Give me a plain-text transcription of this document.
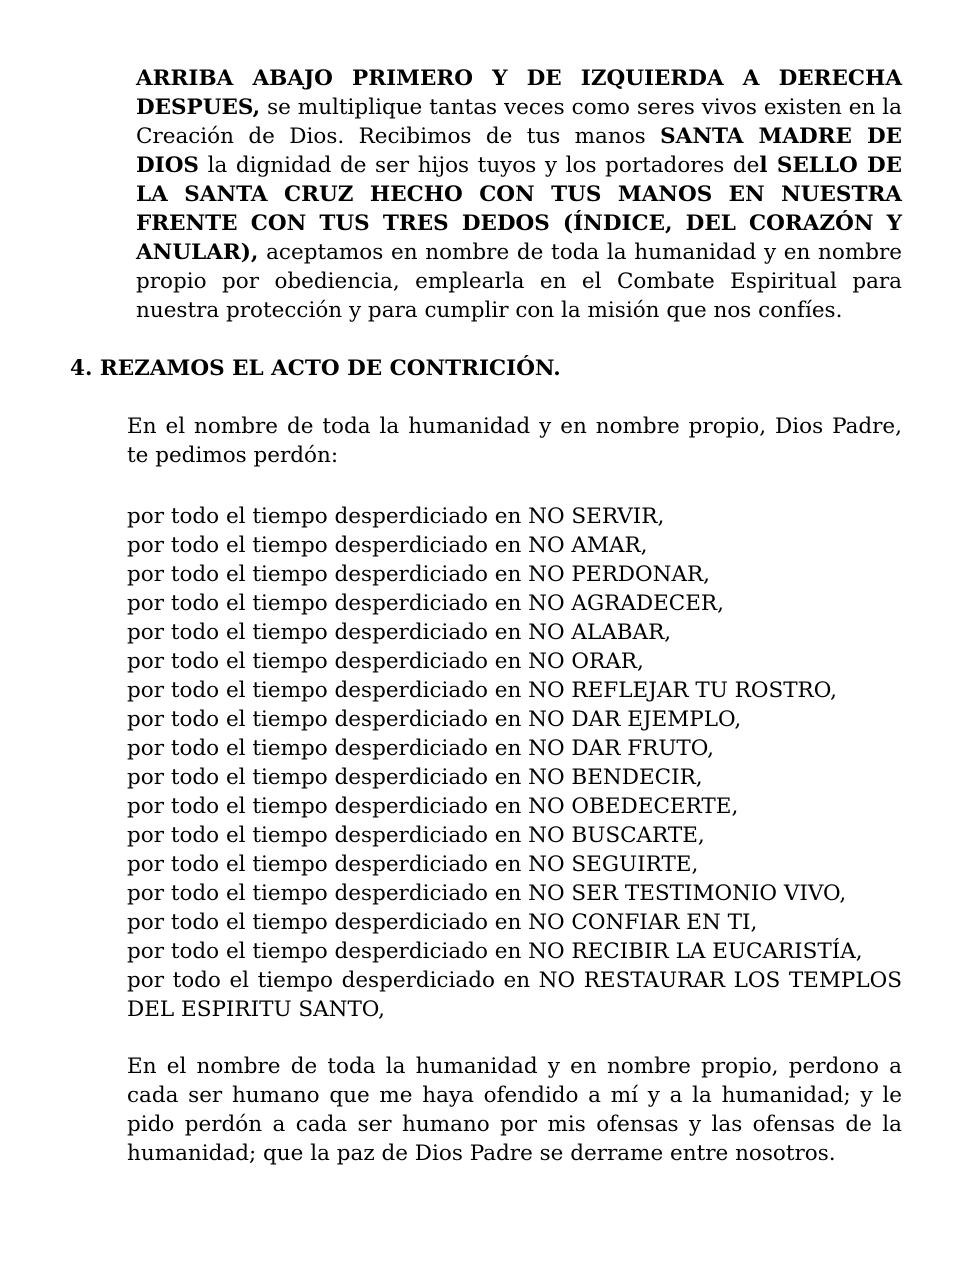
ARRIBA ABAJO PRIMERO Y DE IZQUIERDA A DERECHA DESPUES, se multiplique tantas veces como seres vivos existen en la Creación de Dios. Recibimos de tus manos SANTA MADRE DE DIOS la dignidad de ser hijos tuyos y los portadores del SELLO DE LA SANTA CRUZ HECHO CON TUS MANOS EN NUESTRA FRENTE CON TUS TRES DEDOS (ÍNDICE, DEL CORAZÓN Y ANULAR), aceptamos en nombre de toda la humanidad y en nombre propio por obediencia, emplearla en el Combate Espiritual para nuestra protección y para cumplir con la misión que nos confíes.

4. REZAMOS EL ACTO DE CONTRICIÓN.

En el nombre de toda la humanidad y en nombre propio, Dios Padre, te pedimos perdón:

por todo el tiempo desperdiciado en NO SERVIR,
por todo el tiempo desperdiciado en NO AMAR,
por todo el tiempo desperdiciado en NO PERDONAR,
por todo el tiempo desperdiciado en NO AGRADECER,
por todo el tiempo desperdiciado en NO ALABAR,
por todo el tiempo desperdiciado en NO ORAR,
por todo el tiempo desperdiciado en NO REFLEJAR TU ROSTRO,
por todo el tiempo desperdiciado en NO DAR EJEMPLO,
por todo el tiempo desperdiciado en NO DAR FRUTO,
por todo el tiempo desperdiciado en NO BENDECIR,
por todo el tiempo desperdiciado en NO OBEDECERTE,
por todo el tiempo desperdiciado en NO BUSCARTE,
por todo el tiempo desperdiciado en NO SEGUIRTE,
por todo el tiempo desperdiciado en NO SER TESTIMONIO VIVO,
por todo el tiempo desperdiciado en NO CONFIAR EN TI,
por todo el tiempo desperdiciado en NO RECIBIR LA EUCARISTÍA,
por todo el tiempo desperdiciado en NO RESTAURAR LOS TEMPLOS DEL ESPIRITU SANTO,

En el nombre de toda la humanidad y en nombre propio, perdono a cada ser humano que me haya ofendido a mí y a la humanidad; y le pido perdón a cada ser humano por mis ofensas y las ofensas de la humanidad; que la paz de Dios Padre se derrame entre nosotros.
